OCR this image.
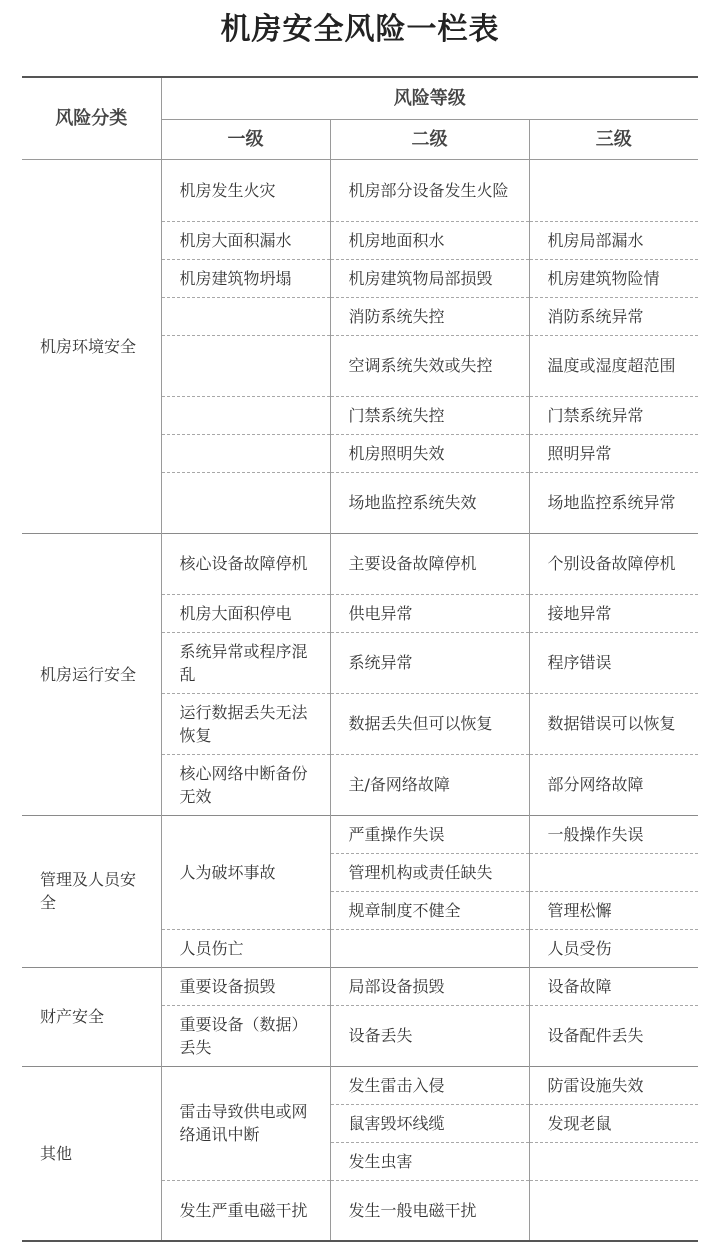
机房安全风险一栏表
风险分类	风险等级		
	一级	二级	三级
机房环境安全	机房发生火灾	机房部分设备发生火险	
	机房大面积漏水	机房地面积水	机房局部漏水
	机房建筑物坍塌	机房建筑物局部损毁	机房建筑物险情
		消防系统失控	消防系统异常
		空调系统失效或失控	温度或湿度超范围
		门禁系统失控	门禁系统异常
		机房照明失效	照明异常
		场地监控系统失效	场地监控系统异常
机房运行安全	核心设备故障停机	主要设备故障停机	个别设备故障停机
	机房大面积停电	供电异常	接地异常
	系统异常或程序混乱	系统异常	程序错误
	运行数据丢失无法恢复	数据丢失但可以恢复	数据错误可以恢复
	核心网络中断备份无效	主/备网络故障	部分网络故障
管理及人员安全	人为破坏事故	严重操作失误	一般操作失误
		管理机构或责任缺失	
		规章制度不健全	管理松懈
	人员伤亡		人员受伤
财产安全	重要设备损毁	局部设备损毁	设备故障
	重要设备（数据）丢失	设备丢失	设备配件丢失
其他	雷击导致供电或网络通讯中断	发生雷击入侵	防雷设施失效
		鼠害毁坏线缆	发现老鼠
		发生虫害	
	发生严重电磁干扰	发生一般电磁干扰	
